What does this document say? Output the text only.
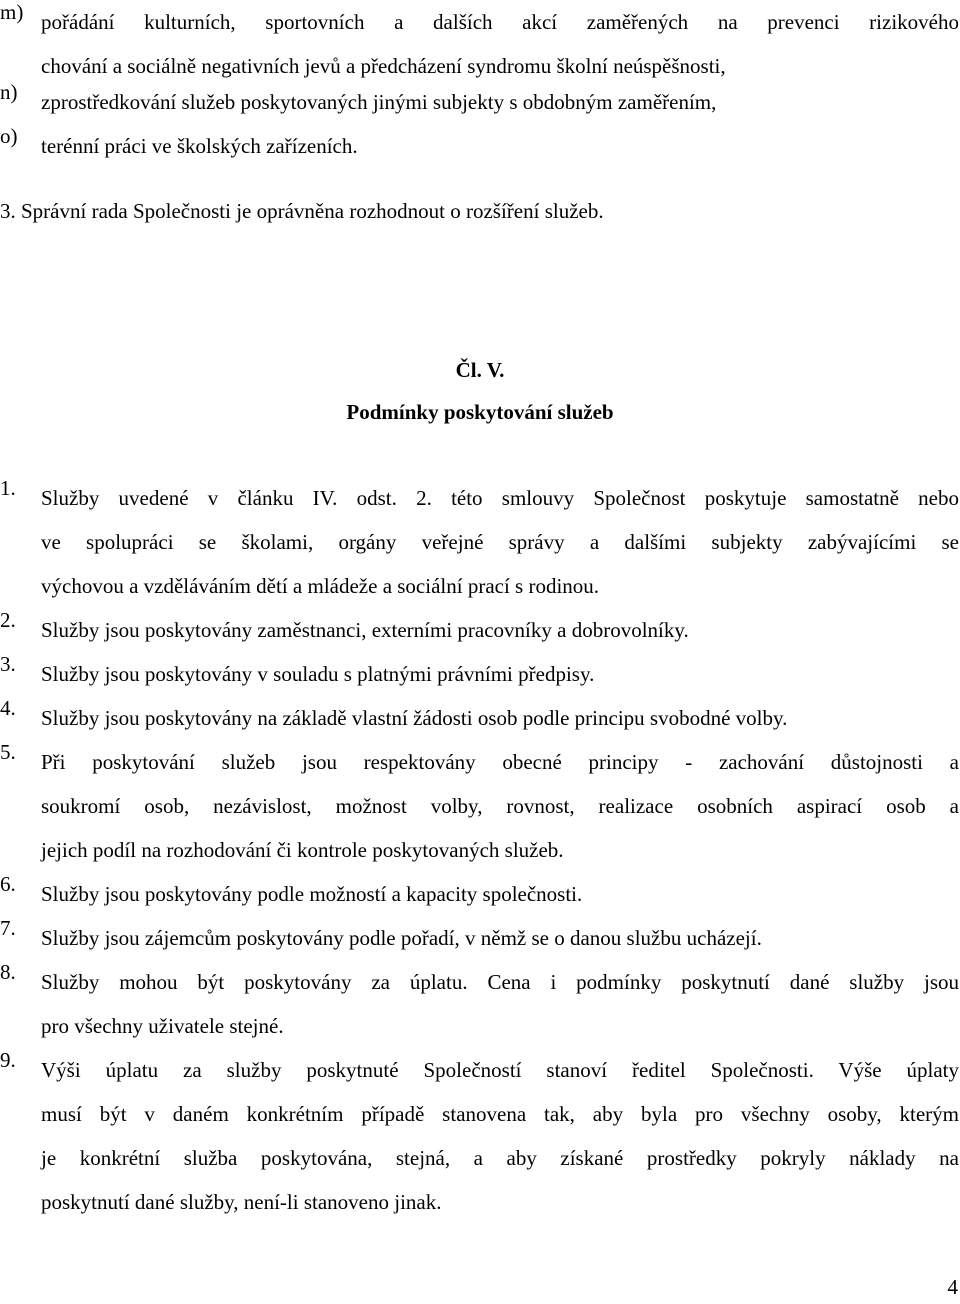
m) pořádání kulturních, sportovních a dalších akcí zaměřených na prevenci rizikového
chování a sociálně negativních jevů a předcházení syndromu školní neúspěšnosti,
n) zprostředkování služeb poskytovaných jinými subjekty s obdobným zaměřením,
o) terénní práci ve školských zařízeních.
3. Správní rada Společnosti je oprávněna rozhodnout o rozšíření služeb.
Čl. V.
Podmínky poskytování služeb
1. Služby uvedené v článku IV. odst. 2. této smlouvy Společnost poskytuje samostatně nebo
ve spolupráci se školami, orgány veřejné správy a dalšími subjekty zabývajícími se
výchovou a vzděláváním dětí a mládeže a sociální prací s rodinou.
2. Služby jsou poskytovány zaměstnanci, externími pracovníky a dobrovolníky.
3. Služby jsou poskytovány v souladu s platnými právními předpisy.
4. Služby jsou poskytovány na základě vlastní žádosti osob podle principu svobodné volby.
5. Při poskytování služeb jsou respektovány obecné principy - zachování důstojnosti a
soukromí osob, nezávislost, možnost volby, rovnost, realizace osobních aspirací osob a
jejich podíl na rozhodování či kontrole poskytovaných služeb.
6. Služby jsou poskytovány podle možností a kapacity společnosti.
7. Služby jsou zájemcům poskytovány podle pořadí, v němž se o danou službu ucházejí.
8. Služby mohou být poskytovány za úplatu. Cena i podmínky poskytnutí dané služby jsou
pro všechny uživatele stejné.
9. Výši úplatu za služby poskytnuté Společností stanoví ředitel Společnosti. Výše úplaty
musí být v daném konkrétním případě stanovena tak, aby byla pro všechny osoby, kterým
je konkrétní služba poskytována, stejná, a aby získané prostředky pokryly náklady na
poskytnutí dané služby, není-li stanoveno jinak.
4
